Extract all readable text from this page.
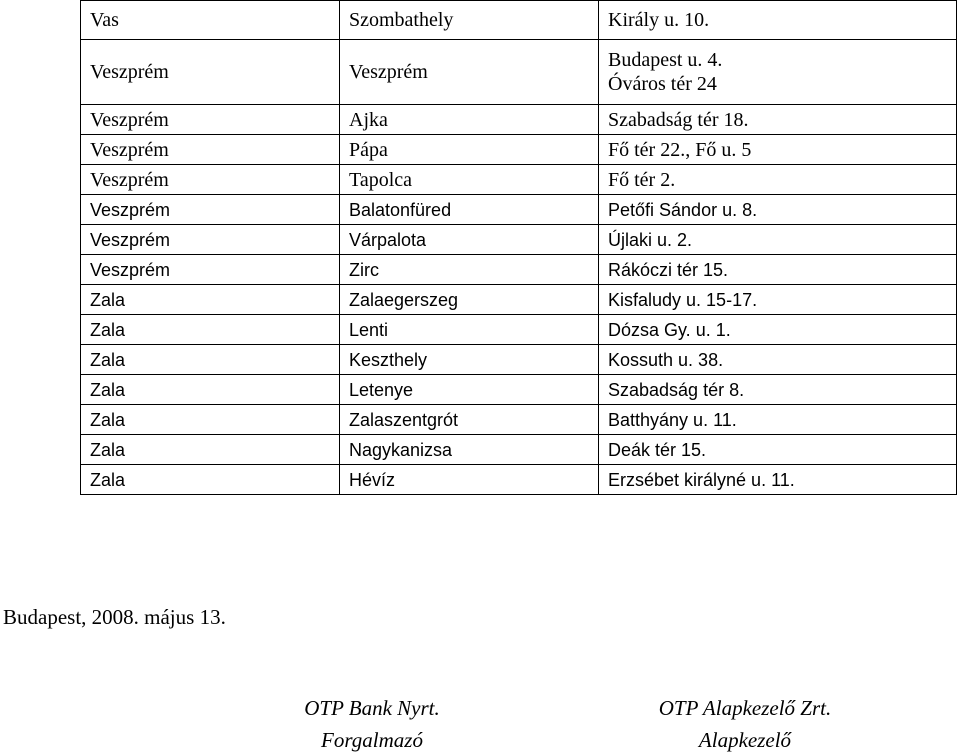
Vas	Szombathely	Király u. 10.
Veszprém	Veszprém	Budapest u. 4.
Óváros tér 24
Veszprém	Ajka	Szabadság tér 18.
Veszprém	Pápa	Fő tér 22., Fő u. 5
Veszprém	Tapolca	Fő tér 2.
Veszprém	Balatonfüred	Petőfi Sándor u. 8.
Veszprém	Várpalota	Újlaki u. 2.
Veszprém	Zirc	Rákóczi tér 15.
Zala	Zalaegerszeg	Kisfaludy u. 15-17.
Zala	Lenti	Dózsa Gy. u. 1.
Zala	Keszthely	Kossuth u. 38.
Zala	Letenye	Szabadság tér 8.
Zala	Zalaszentgrót	Batthyány u. 11.
Zala	Nagykanizsa	Deák tér 15.
Zala	Hévíz	Erzsébet királyné u. 11.
Budapest, 2008. május 13.
OTP Bank Nyrt.
Forgalmazó
OTP Alapkezelő Zrt.
Alapkezelő
